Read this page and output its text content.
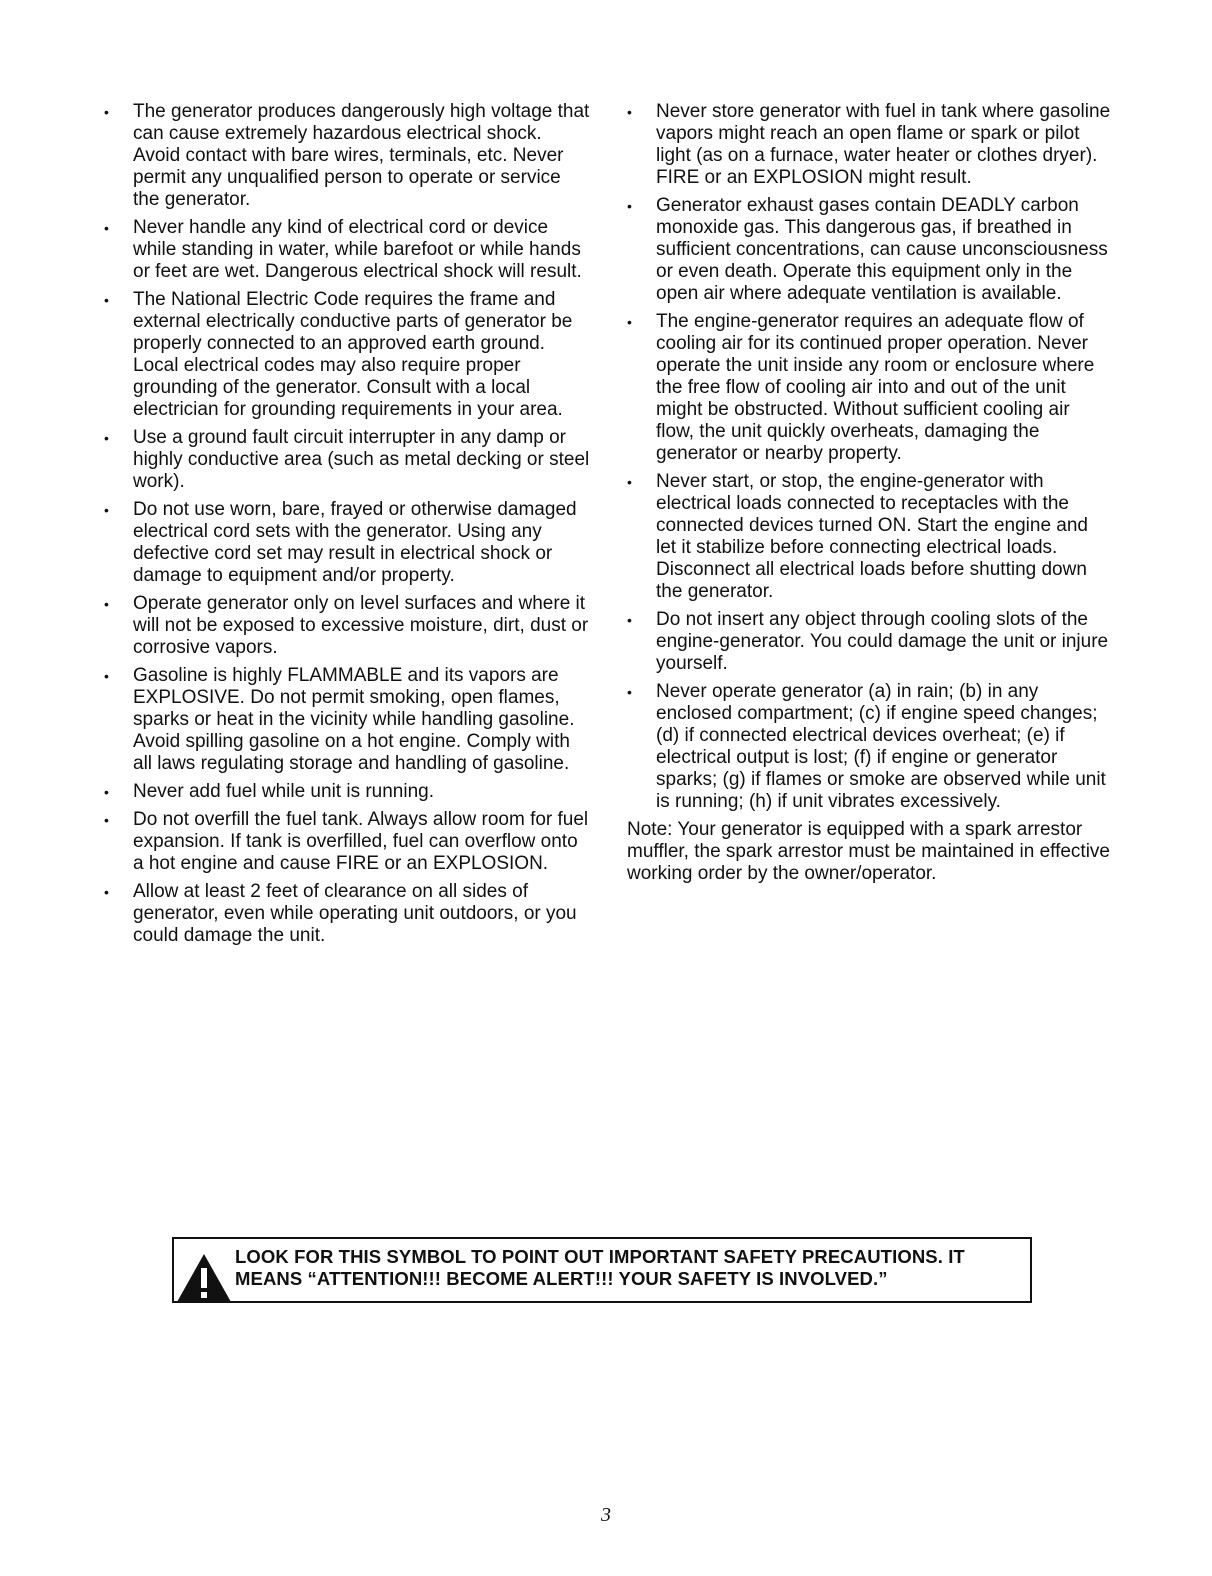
• The generator produces dangerously high voltage that can cause extremely hazardous electrical shock. Avoid contact with bare wires, terminals, etc. Never permit any unqualified person to operate or service the generator.
• Never handle any kind of electrical cord or device while standing in water, while barefoot or while hands or feet are wet. Dangerous electrical shock will result.
• The National Electric Code requires the frame and external electrically conductive parts of generator be properly connected to an approved earth ground. Local electrical codes may also require proper grounding of the generator. Consult with a local electrician for grounding requirements in your area.
• Use a ground fault circuit interrupter in any damp or highly conductive area (such as metal decking or steel work).
• Do not use worn, bare, frayed or otherwise damaged electrical cord sets with the generator. Using any defective cord set may result in electrical shock or damage to equipment and/or property.
• Operate generator only on level surfaces and where it will not be exposed to excessive moisture, dirt, dust or corrosive vapors.
• Gasoline is highly FLAMMABLE and its vapors are EXPLOSIVE. Do not permit smoking, open flames, sparks or heat in the vicinity while handling gasoline. Avoid spilling gasoline on a hot engine. Comply with all laws regulating storage and handling of gasoline.
• Never add fuel while unit is running.
• Do not overfill the fuel tank. Always allow room for fuel expansion. If tank is overfilled, fuel can overflow onto a hot engine and cause FIRE or an EXPLOSION.
• Allow at least 2 feet of clearance on all sides of generator, even while operating unit outdoors, or you could damage the unit.
• Never store generator with fuel in tank where gasoline vapors might reach an open flame or spark or pilot light (as on a furnace, water heater or clothes dryer). FIRE or an EXPLOSION might result.
• Generator exhaust gases contain DEADLY carbon monoxide gas. This dangerous gas, if breathed in sufficient concentrations, can cause unconsciousness or even death. Operate this equipment only in the open air where adequate ventilation is available.
• The engine-generator requires an adequate flow of cooling air for its continued proper operation. Never operate the unit inside any room or enclosure where the free flow of cooling air into and out of the unit might be obstructed. Without sufficient cooling air flow, the unit quickly overheats, damaging the generator or nearby property.
• Never start, or stop, the engine-generator with electrical loads connected to receptacles with the connected devices turned ON. Start the engine and let it stabilize before connecting electrical loads. Disconnect all electrical loads before shutting down the generator.
• Do not insert any object through cooling slots of the engine-generator. You could damage the unit or injure yourself.
• Never operate generator (a) in rain; (b) in any enclosed compartment; (c) if engine speed changes; (d) if connected electrical devices overheat; (e) if electrical output is lost; (f) if engine or generator sparks; (g) if flames or smoke are observed while unit is running; (h) if unit vibrates excessively.

Note: Your generator is equipped with a spark arrestor muffler, the spark arrestor must be maintained in effective working order by the owner/operator.

LOOK FOR THIS SYMBOL TO POINT OUT IMPORTANT SAFETY PRECAUTIONS. IT
MEANS “ATTENTION!!! BECOME ALERT!!! YOUR SAFETY IS INVOLVED.”
3
